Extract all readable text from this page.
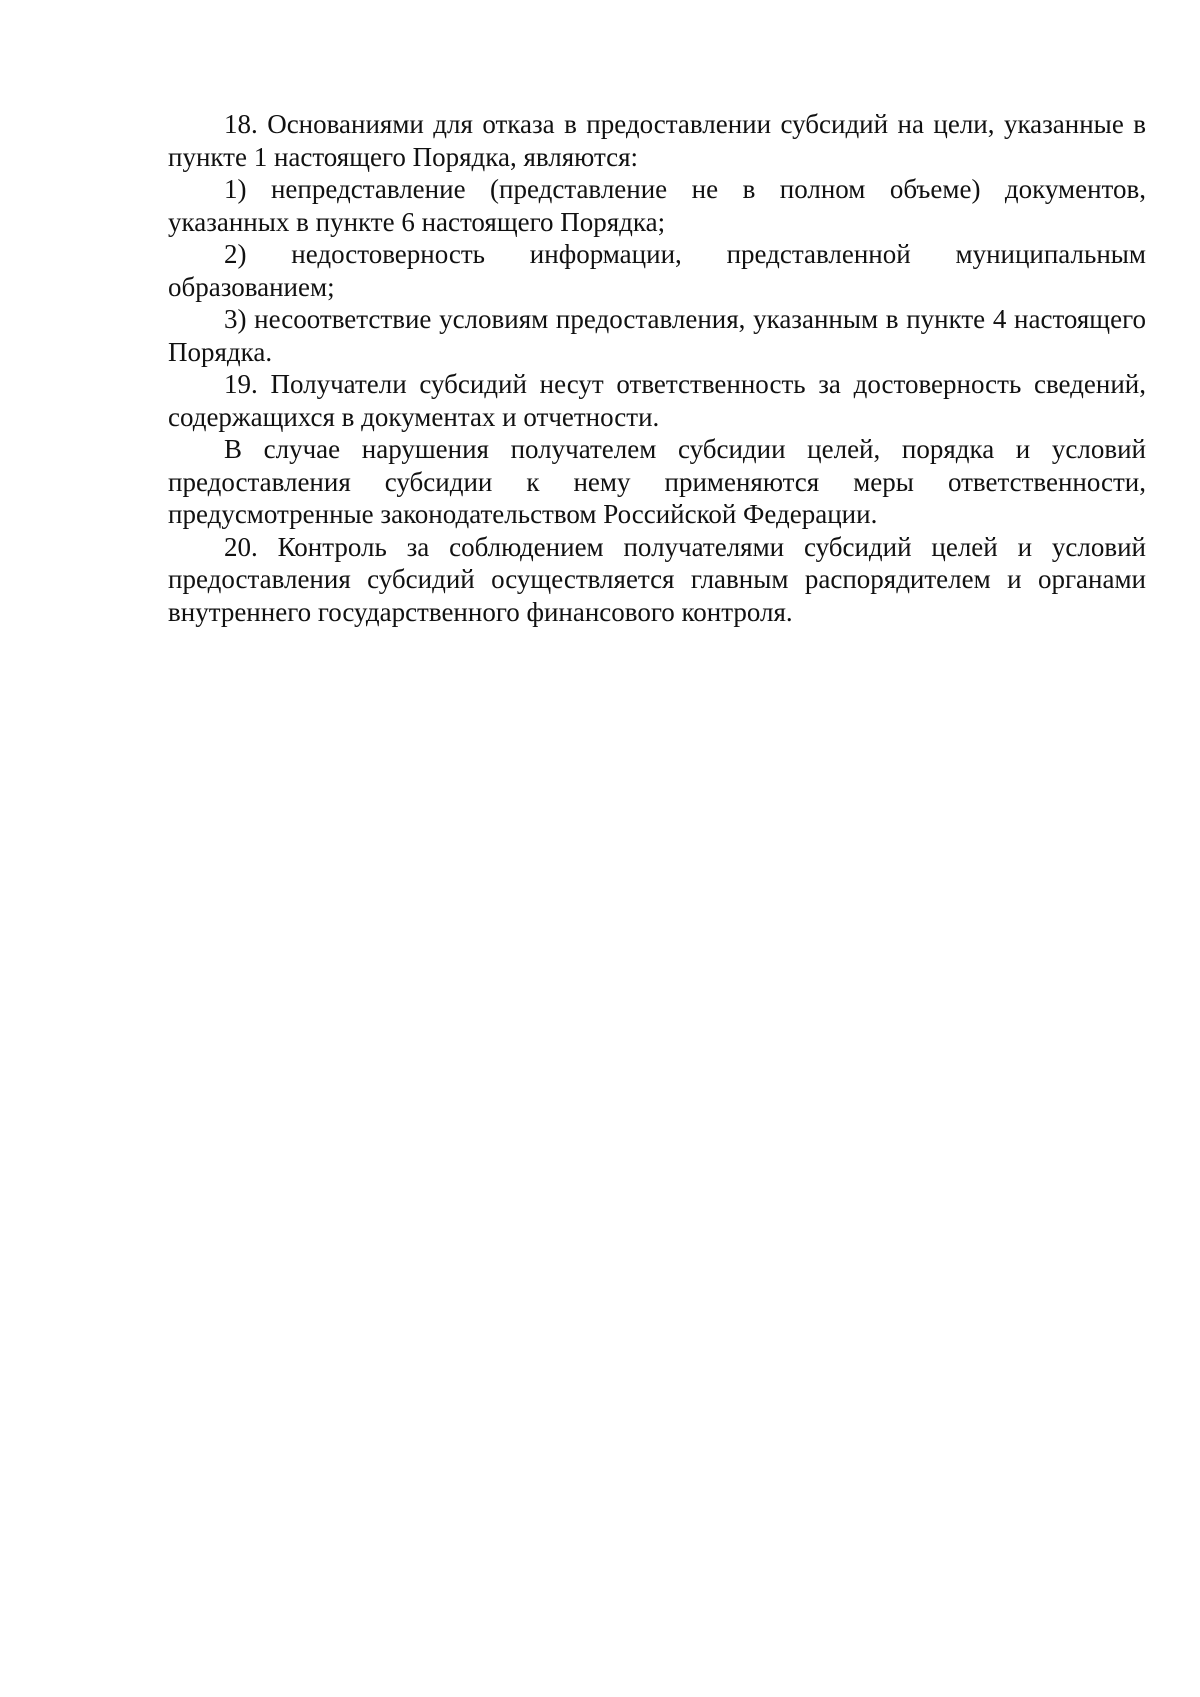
18. Основаниями для отказа в предоставлении субсидий на цели, указанные в пункте 1 настоящего Порядка, являются:

1) непредставление (представление не в полном объеме) документов, указанных в пункте 6 настоящего Порядка;

2) недостоверность информации, представленной муниципальным образованием;

3) несоответствие условиям предоставления, указанным в пункте 4 настоящего Порядка.

19. Получатели субсидий несут ответственность за достоверность сведений, содержащихся в документах и отчетности.

В случае нарушения получателем субсидии целей, порядка и условий предоставления субсидии к нему применяются меры ответственности, предусмотренные законодательством Российской Федерации.

20. Контроль за соблюдением получателями субсидий целей и условий предоставления субсидий осуществляется главным распорядителем и органами внутреннего государственного финансового контроля.
